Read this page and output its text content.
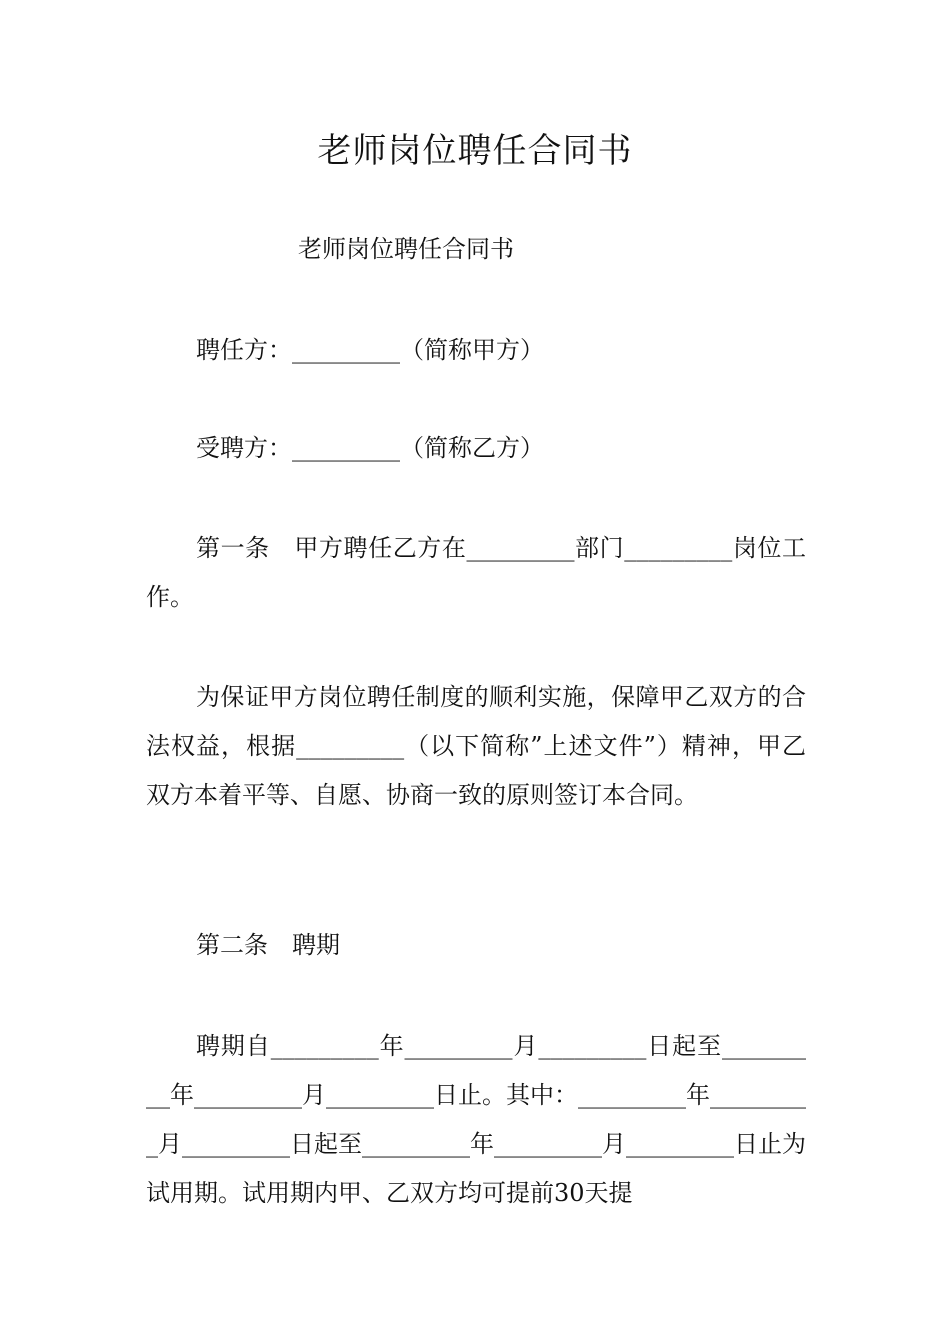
老师岗位聘任合同书
老师岗位聘任合同书
聘任方：_________（简称甲方）
受聘方：_________（简称乙方）
第一条　甲方聘任乙方在_________部门_________岗位工作。
为保证甲方岗位聘任制度的顺利实施，保障甲乙双方的合法权益，根据_________（以下简称”上述文件”）精神，甲乙双方本着平等、自愿、协商一致的原则签订本合同。
第二条　聘期
聘期自_________年_________月_________日起至_________年_________月_________日止。其中：_________年_________月_________日起至_________年_________月_________日止为试用期。试用期内甲、乙双方均可提前30天提
